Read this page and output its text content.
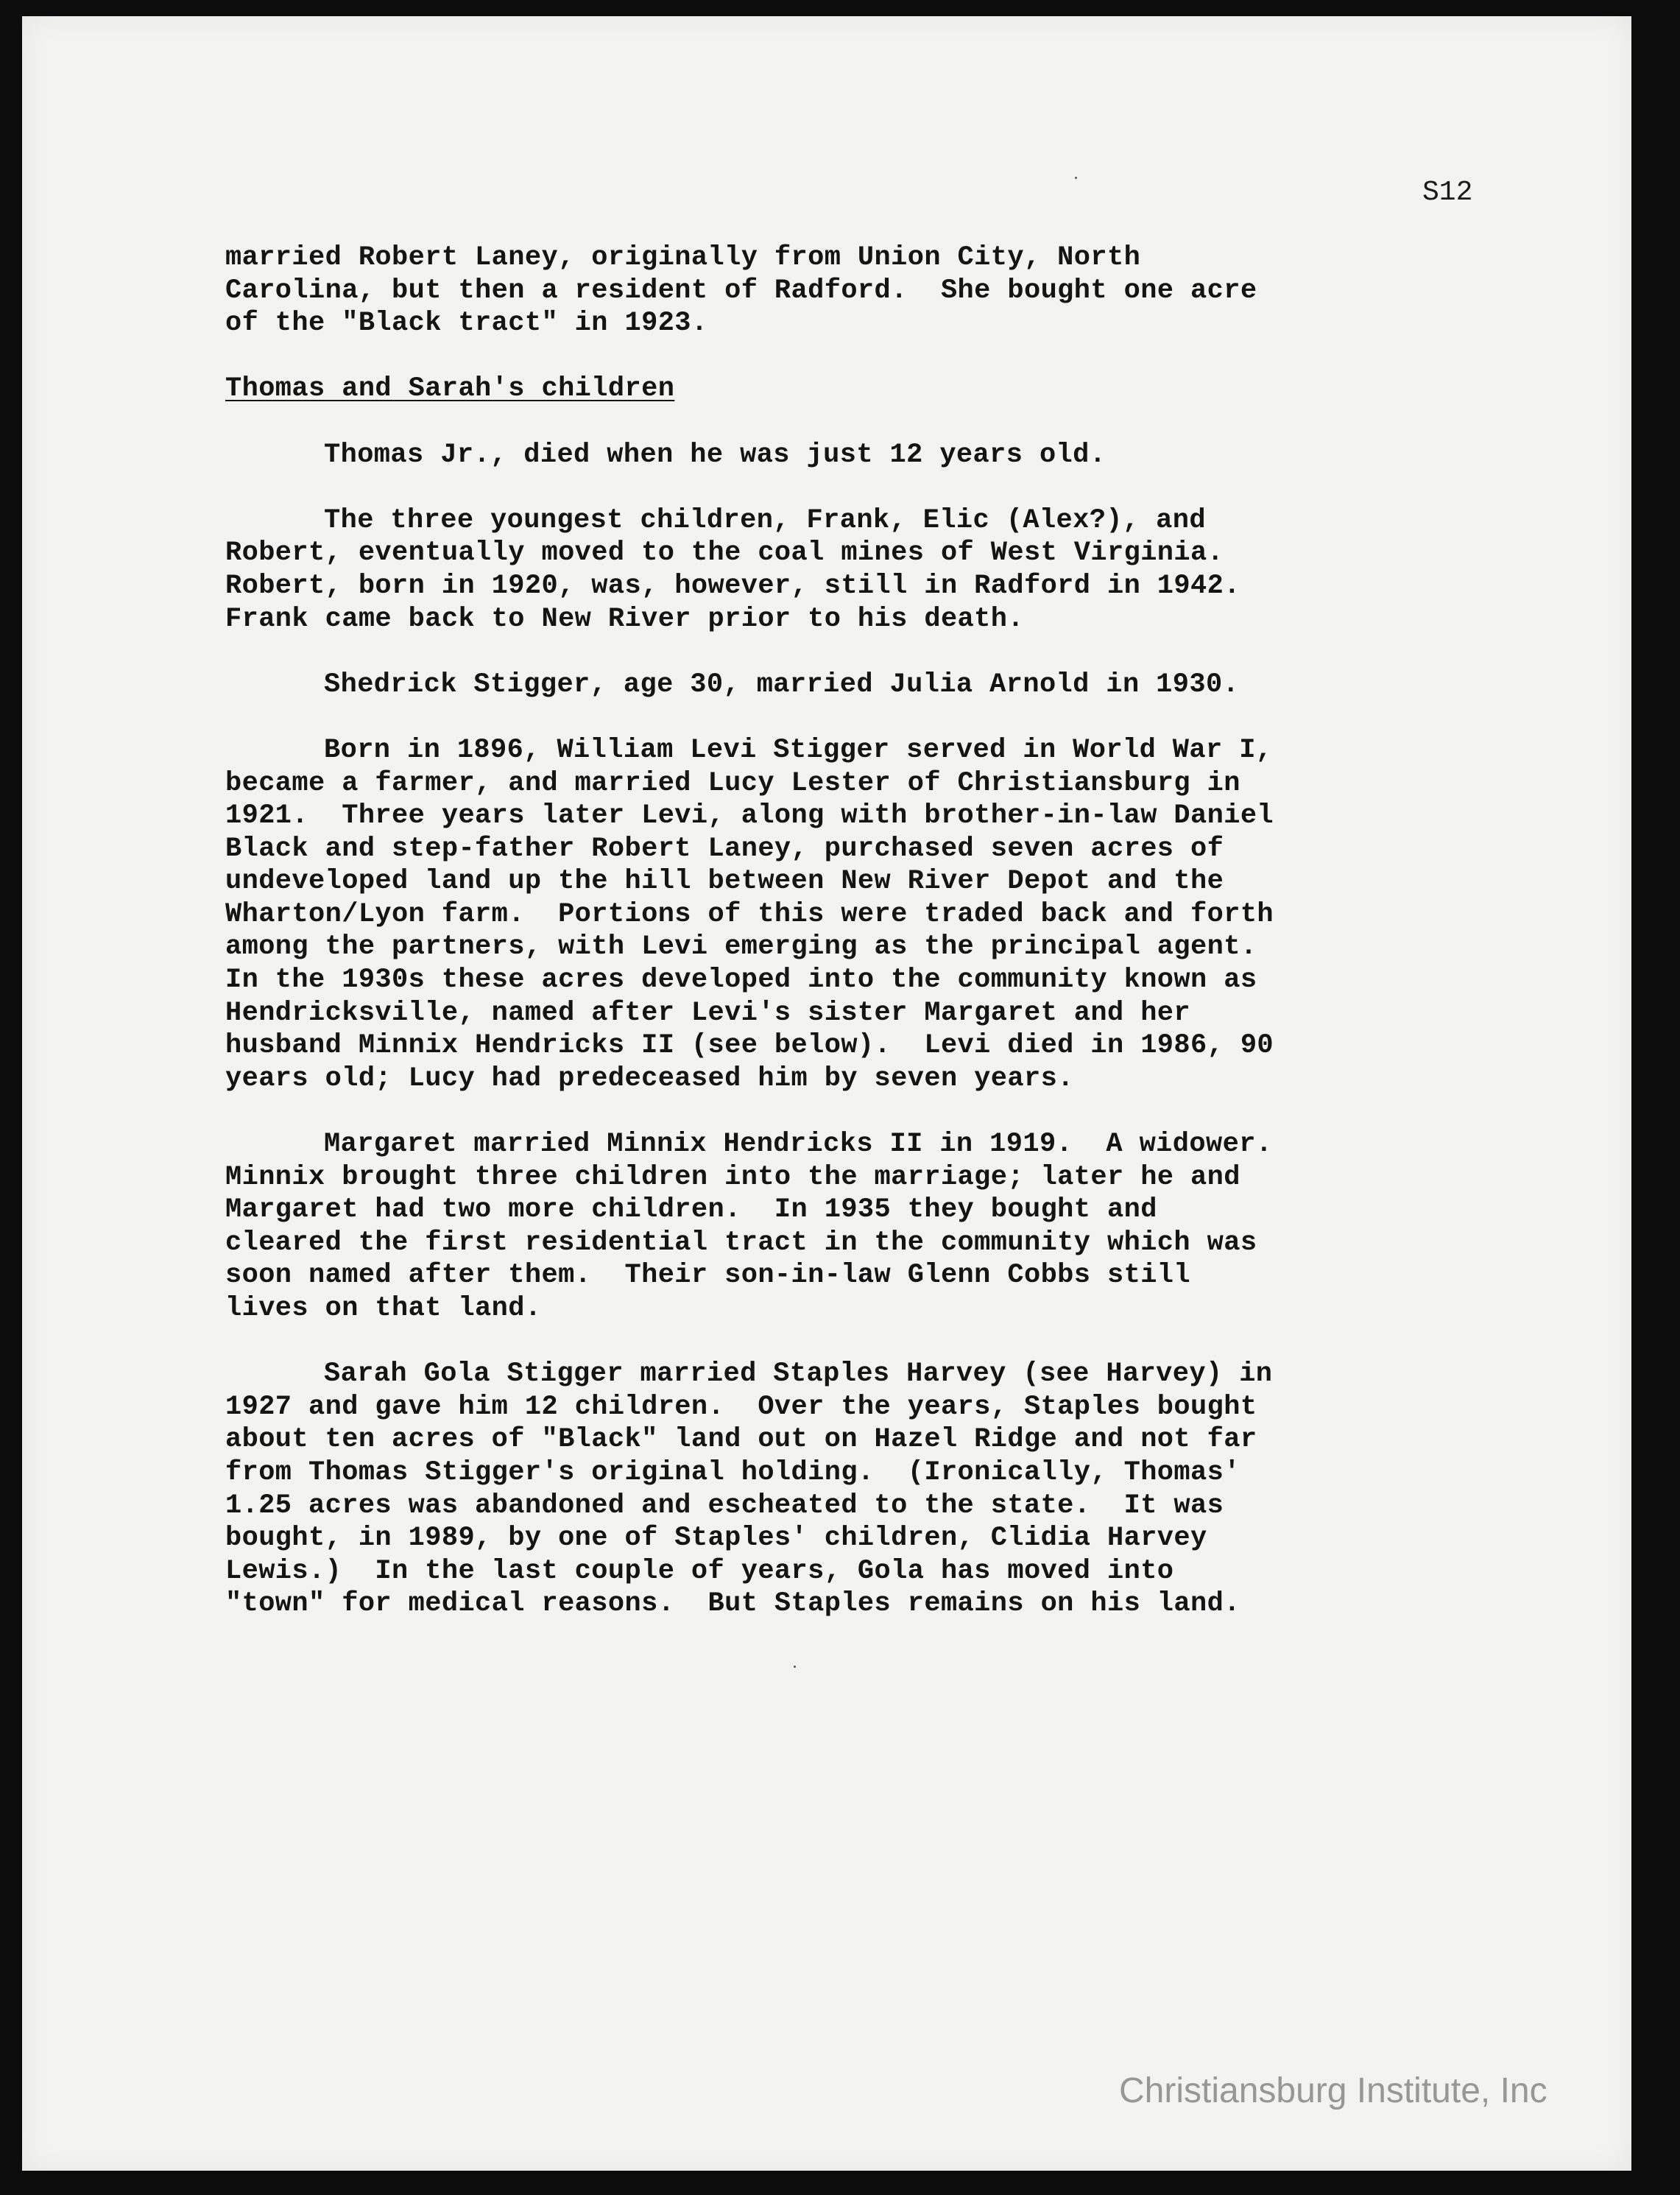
S12
married Robert Laney, originally from Union City, North
Carolina, but then a resident of Radford.  She bought one acre
of the "Black tract" in 1923.
Thomas and Sarah's children
Thomas Jr., died when he was just 12 years old.
The three youngest children, Frank, Elic (Alex?), and
Robert, eventually moved to the coal mines of West Virginia.
Robert, born in 1920, was, however, still in Radford in 1942.
Frank came back to New River prior to his death.
Shedrick Stigger, age 30, married Julia Arnold in 1930.
Born in 1896, William Levi Stigger served in World War I,
became a farmer, and married Lucy Lester of Christiansburg in
1921.  Three years later Levi, along with brother-in-law Daniel
Black and step-father Robert Laney, purchased seven acres of
undeveloped land up the hill between New River Depot and the
Wharton/Lyon farm.  Portions of this were traded back and forth
among the partners, with Levi emerging as the principal agent.
In the 1930s these acres developed into the community known as
Hendricksville, named after Levi's sister Margaret and her
husband Minnix Hendricks II (see below).  Levi died in 1986, 90
years old; Lucy had predeceased him by seven years.
Margaret married Minnix Hendricks II in 1919.  A widower.
Minnix brought three children into the marriage; later he and
Margaret had two more children.  In 1935 they bought and
cleared the first residential tract in the community which was
soon named after them.  Their son-in-law Glenn Cobbs still
lives on that land.
Sarah Gola Stigger married Staples Harvey (see Harvey) in
1927 and gave him 12 children.  Over the years, Staples bought
about ten acres of "Black" land out on Hazel Ridge and not far
from Thomas Stigger's original holding.  (Ironically, Thomas'
1.25 acres was abandoned and escheated to the state.  It was
bought, in 1989, by one of Staples' children, Clidia Harvey
Lewis.)  In the last couple of years, Gola has moved into
"town" for medical reasons.  But Staples remains on his land.
Christiansburg Institute, Inc
